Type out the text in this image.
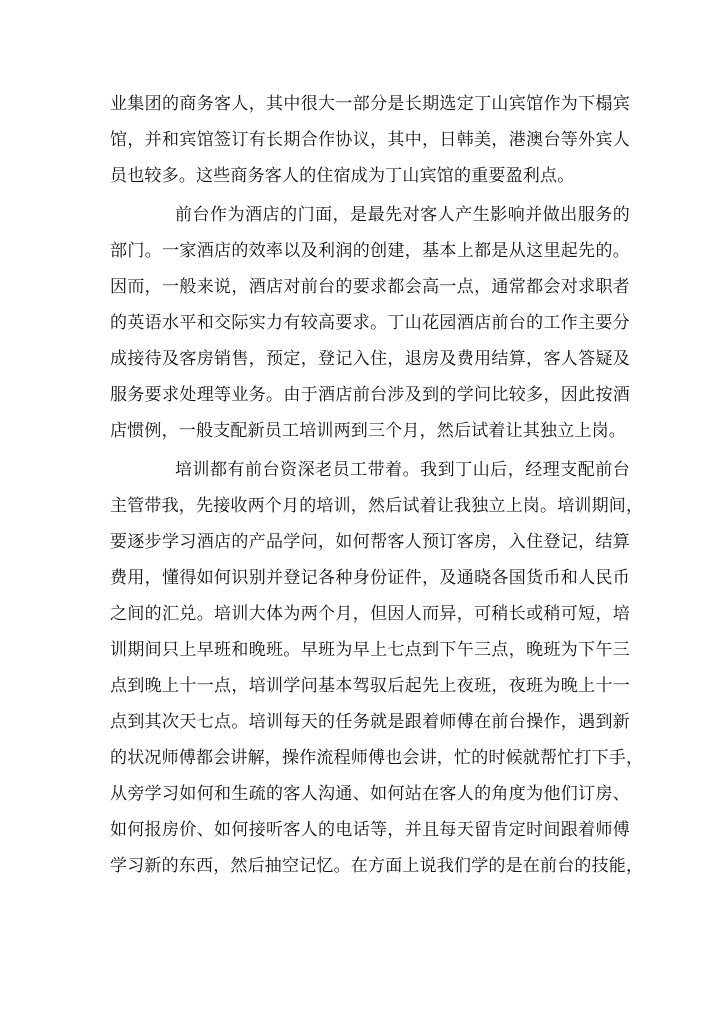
业集团的商务客人，其中很大一部分是长期选定丁山宾馆作为下榻宾
馆，并和宾馆签订有长期合作协议，其中，日韩美，港澳台等外宾人
员也较多。这些商务客人的住宿成为丁山宾馆的重要盈利点。
前台作为酒店的门面，是最先对客人产生影响并做出服务的
部门。一家酒店的效率以及利润的创建，基本上都是从这里起先的。
因而，一般来说，酒店对前台的要求都会高一点，通常都会对求职者
的英语水平和交际实力有较高要求。丁山花园酒店前台的工作主要分
成接待及客房销售，预定，登记入住，退房及费用结算，客人答疑及
服务要求处理等业务。由于酒店前台涉及到的学问比较多，因此按酒
店惯例，一般支配新员工培训两到三个月，然后试着让其独立上岗。
培训都有前台资深老员工带着。我到丁山后，经理支配前台
主管带我，先接收两个月的培训，然后试着让我独立上岗。培训期间，
要逐步学习酒店的产品学问，如何帮客人预订客房，入住登记，结算
费用，懂得如何识别并登记各种身份证件，及通晓各国货币和人民币
之间的汇兑。培训大体为两个月，但因人而异，可稍长或稍可短，培
训期间只上早班和晚班。早班为早上七点到下午三点，晚班为下午三
点到晚上十一点，培训学问基本驾驭后起先上夜班，夜班为晚上十一
点到其次天七点。培训每天的任务就是跟着师傅在前台操作，遇到新
的状况师傅都会讲解，操作流程师傅也会讲，忙的时候就帮忙打下手，
从旁学习如何和生疏的客人沟通、如何站在客人的角度为他们订房、
如何报房价、如何接听客人的电话等，并且每天留肯定时间跟着师傅
学习新的东西，然后抽空记忆。在方面上说我们学的是在前台的技能，
